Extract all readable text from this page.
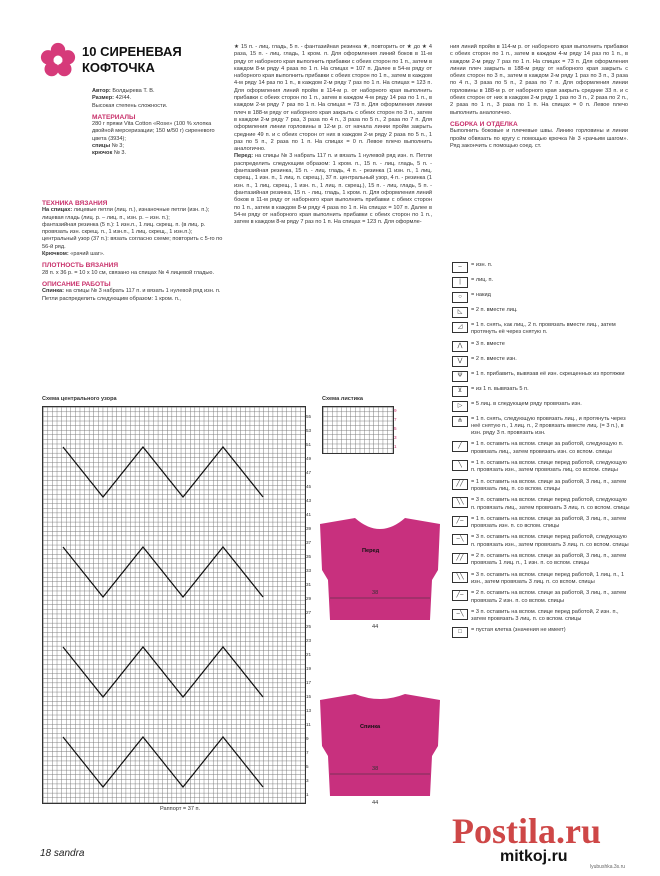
10 СИРЕНЕВАЯ
КОФТОЧКА

Автор: Болдырева Т. В.

Размер: 42/44.

Высокая степень сложности.

МАТЕРИАЛЫ

280 г пряжи Vita Cotton «Rose» (100 % хлопка двойной мерсеризации; 150 м/50 г) сиреневого цвета (3934);

спицы № 3;

крючок № 3.

ТЕХНИКА ВЯЗАНИЯ

На спицах: лицевые петли (лиц. п.), изнаночные петли (изн. п.); лицевая гладь (лиц. р. – лиц. п., изн. р. – изн. п.);

фантазийная резинка (5 п.): 1 изн.п., 1 лиц. скрещ. п. (в лиц. р. провязать изн. скрещ. п., 1 изн.п., 1 лиц. скрещ., 1 изн.п.);

центральный узор (37 п.): вязать согласно схеме; повторить с 5-го по 56-й ряд.

Крючком: «рачий шаг».

ПЛОТНОСТЬ ВЯЗАНИЯ

28 п. х 36 р. = 10 х 10 см, связано на спицах № 4 лицевой гладью.

ОПИСАНИЕ РАБОТЫ

Спинка: на спицы № 3 набрать 117 п. и вязать 1 нулевой ряд изн. п.

Петли распределить следующим образом: 1 кром. п.,

★ 15 п. - лиц. гладь, 5 п. - фантазийная резинка ★, повторить от ★ до ★ 4 раза, 15 п. - лиц. гладь, 1 кром. п. Для оформления линий боков в 11-м ряду от наборного края выполнить прибавки с обеих сторон по 1 п., затем в каждом 8-м ряду 4 раза по 1 п. На спицах = 107 п. Далее в 54-м ряду от наборного края выполнить прибавки с обеих сторон по 1 п., затем в каждом 4-м ряду 14 раз по 1 п., в каждом 2-м ряду 7 раз по 1 п. На спицах = 123 п. Для оформления линий пройм в 114-м р. от наборного края выполнить прибавки с обеих сторон по 1 п., затем в каждом 4-м ряду 14 раз по 1 п., в каждом 2-м ряду 7 раз по 1 п. На спицах = 73 п. Для оформления линии плеч в 188-м ряду от наборного края закрыть с обеих сторон по 3 п., затем в каждом 2-м ряду 7 раз, 3 раза по 4 п., 3 раза по 5 п., 2 раза по 7 п. Для оформления линии горловины в 12-м р. от начала линии пройм закрыть средние 49 п. и с обеих сторон от них в каждом 2-м ряду 2 раза по 5 п., 1 раз по 5 п., 2 раза по 1 п. На спицах = 0 п. Левое плечо выполнить аналогично.

Перед: на спицы № 3 набрать 117 п. и вязать 1 нулевой ряд изн. п. Петли распределить следующим образом: 1 кром. п., 15 п. - лиц. гладь, 5 п. - фантазийная резинка, 15 п. - лиц. гладь, 4 п. - резинка (1 изн. п., 1 лиц. скрещ., 1 изн. п., 1 лиц. п. скрещ.), 37 п. центральный узор, 4 п. - резинка (1 изн. п., 1 лиц. скрещ., 1 изн. п., 1 лиц. п. скрещ.), 15 п. - лиц. гладь, 5 п. - фантазийная резинка, 15 п. - лиц. гладь, 1 кром. п. Для оформления линий боков в 11-м ряду от наборного края выполнить прибавки с обеих сторон по 1 п., затем в каждом 8-м ряду 4 раза по 1 п. На спицах = 107 п. Далее в 54-м ряду от наборного края выполнить прибавки с обеих сторон по 1 п., затем в каждом 8-м ряду 7 раз по 1 п. На спицах = 123 п. Для оформле-

ния линий пройм в 114-м р. от наборного края выполнить прибавки с обеих сторон по 1 п., затем в каждом 4-м ряду 14 раз по 1 п., в каждом 2-м ряду 7 раз по 1 п. На спицах = 73 п. Для оформления линии плеч закрыть в 188-м ряду от наборного края закрыть с обеих сторон по 3 п., затем в каждом 2-м ряду 1 раз по 3 п., 3 раза по 4 п., 3 раза по 5 п., 2 раза по 7 п. Для оформления линии горловины в 188-м р. от наборного края закрыть средние 33 п. и с обеих сторон от них в каждом 2-м ряду 1 раз по 3 п., 2 раза по 2 п., 2 раза по 1 п., 3 раза по 1 п. На спицах = 0 п. Левое плечо выполнить аналогично.

СБОРКА И ОТДЕЛКА

Выполнить боковые и плечевые швы. Линию горловины и линии пройм обвязать по кругу с помощью крючка № 3 «рачьим шагом». Ряд закончить с помощью соед. ст.

–	= изн. п.
|	= лиц. п.
○	= накид
◺	= 2 п. вместе лиц.
◿	= 1 п. снять, как лиц., 2 п. провязать вместе лиц., затем протянуть её через снятую п.
⋀	= 3 п. вместе
⋁	= 2 п. вместе изн.
Ψ	= 1 п. прибавить, вывязав её изн. скрещенных из протяжки
⊻	= из 1 п. вывязать 5 п.
▷	= 5 лиц. в следующем ряду провязать изн.
⋔	= 1 п. снять, следующую провязать лиц., и протянуть через неё снятую п., 1 лиц. п., 2 провязать вместе лиц. (= 3 п.), в изн. ряду 3 п. провязать изн.
╱	= 1 п. оставить на вспом. спице за работой, следующую п. провязать лиц., затем провязать изн. со вспом. спицы
╲	= 1 п. оставить на вспом. спице перед работой, следующую п. провязать изн., затем провязать лиц. со вспом. спицы
╱╱	= 1 п. оставить на вспом. спице за работой, 3 лиц. п., затем провязать лиц. п. со вспом. спицы
╲╲	= 3 п. оставить на вспом. спице перед работой, следующую п. провязать лиц., затем провязать 3 лиц. п. со вспом. спицы
╱–	= 1 п. оставить на вспом. спице за работой, 3 лиц. п., затем провязать изн. п. со вспом. спицы
–╲	= 3 п. оставить на вспом. спице перед работой, следующую п. провязать изн., затем провязать 3 лиц. п. со вспом. спицы
╱╱	= 2 п. оставить на вспом. спице за работой, 3 лиц. п., затем провязать 1 лиц. п., 1 изн. п. со вспом. спицы
╲╲	= 3 п. оставить на вспом. спице перед работой, 1 лиц. п., 1 изн., затем провязать 3 лиц. п. со вспом. спицы
╱–	= 2 п. оставить на вспом. спице за работой, 3 лиц. п., затем провязать 2 изн. п. со вспом. спицы
–╲	= 3 п. оставить на вспом. спице перед работой, 2 изн. п., затем провязать 3 лиц. п. со вспом. спицы
□	= пустая клетка (значения не имеет)
Схема центрального узора
55
53
51
49
47
45
43
41
39
37
35
33
31
29
27
25
23
21
19
17
15
13
11
9
7
5
3
1
Раппорт = 37 п.
Схема листика
9
7
5
3
1
Перед
38
44
Спинка
38
44
18 sandra
Postila.ru
mitkoj.ru
lyubushka.3s.ru
